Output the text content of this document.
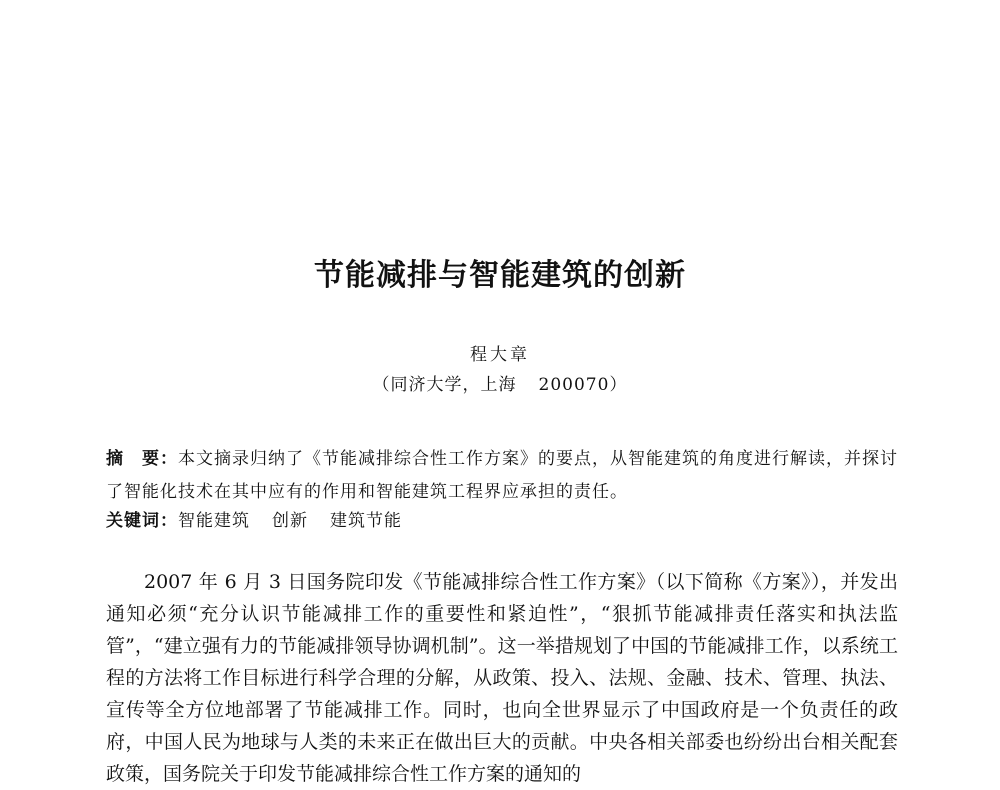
节能减排与智能建筑的创新
程大章
（同济大学，上海 200070）
摘　要：本文摘录归纳了《节能减排综合性工作方案》的要点，从智能建筑的角度进行解读，并探讨了智能化技术在其中应有的作用和智能建筑工程界应承担的责任。
关键词：智能建筑 创新 建筑节能

2007 年 6 月 3 日国务院印发《节能减排综合性工作方案》（以下简称《方案》），并发出通知必须“充分认识节能减排工作的重要性和紧迫性”，“狠抓节能减排责任落实和执法监管”，“建立强有力的节能减排领导协调机制”。这一举措规划了中国的节能减排工作，以系统工程的方法将工作目标进行科学合理的分解，从政策、投入、法规、金融、技术、管理、执法、宣传等全方位地部署了节能减排工作。同时，也向全世界显示了中国政府是一个负责任的政府，中国人民为地球与人类的未来正在做出巨大的贡献。中央各相关部委也纷纷出台相关配套政策，国务院关于印发节能减排综合性工作方案的通知的
